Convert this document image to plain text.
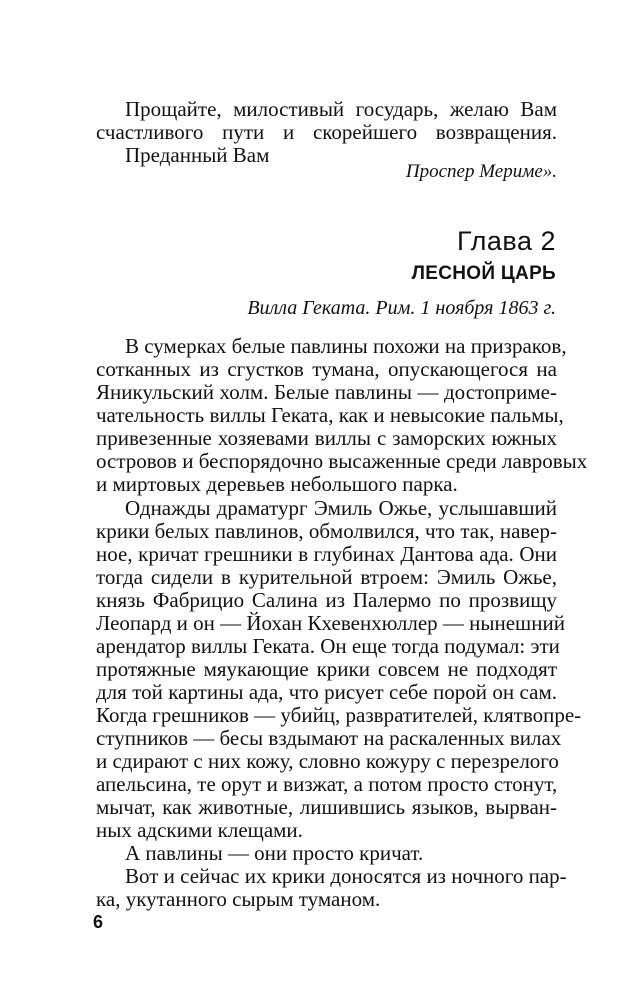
Прощайте, милостивый государь, желаю Вам
счастливого пути и скорейшего возвращения.
Преданный Вам
Проспер Мериме».
Глава 2
ЛЕСНОЙ ЦАРЬ
Вилла Геката. Рим. 1 ноября 1863 г.
В сумерках белые павлины похожи на призраков,
сотканных из сгустков тумана, опускающегося на
Яникульский холм. Белые павлины — достоприме-
чательность виллы Геката, как и невысокие пальмы,
привезенные хозяевами виллы с заморских южных
островов и беспорядочно высаженные среди лавровых
и миртовых деревьев небольшого парка.
Однажды драматург Эмиль Ожье, услышавший
крики белых павлинов, обмолвился, что так, навер-
ное, кричат грешники в глубинах Дантова ада. Они
тогда сидели в курительной втроем: Эмиль Ожье,
князь Фабрицио Салина из Палермо по прозвищу
Леопард и он — Йохан Кхевенхюллер — нынешний
арендатор виллы Геката. Он еще тогда подумал: эти
протяжные мяукающие крики совсем не подходят
для той картины ада, что рисует себе порой он сам.
Когда грешников — убийц, развратителей, клятвопре-
ступников — бесы вздымают на раскаленных вилах
и сдирают с них кожу, словно кожуру с перезрелого
апельсина, те орут и визжат, а потом просто стонут,
мычат, как животные, лишившись языков, вырван-
ных адскими клещами.
А павлины — они просто кричат.
Вот и сейчас их крики доносятся из ночного пар-
ка, укутанного сырым туманом.
6
